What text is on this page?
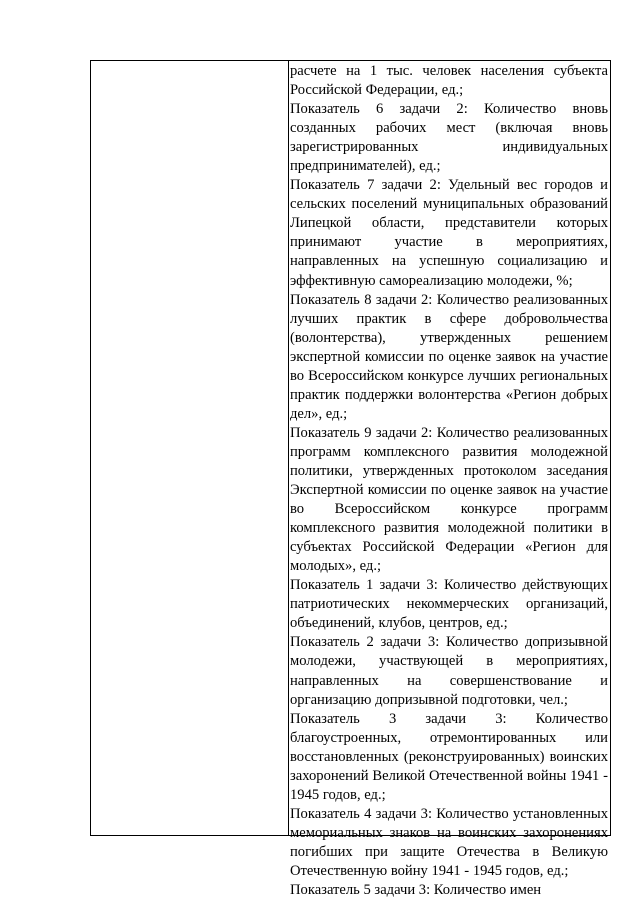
расчете на 1 тыс. человек населения субъекта Российской Федерации, ед.;

Показатель 6 задачи 2: Количество вновь созданных рабочих мест (включая вновь зарегистрированных индивидуальных предпринимателей), ед.;

Показатель 7 задачи 2: Удельный вес городов и сельских поселений муниципальных образований Липецкой области, представители которых принимают участие в мероприятиях, направленных на успешную социализацию и эффективную самореализацию молодежи, %;

Показатель 8 задачи 2: Количество реализованных лучших практик в сфере добровольчества (волонтерства), утвержденных решением экспертной комиссии по оценке заявок на участие во Всероссийском конкурсе лучших региональных практик поддержки волонтерства «Регион добрых дел», ед.;

Показатель 9 задачи 2: Количество реализованных программ комплексного развития молодежной политики, утвержденных протоколом заседания Экспертной комиссии по оценке заявок на участие во Всероссийском конкурсе программ комплексного развития молодежной политики в субъектах Российской Федерации «Регион для молодых», ед.;

Показатель 1 задачи 3: Количество действующих патриотических некоммерческих организаций, объединений, клубов, центров, ед.;

Показатель 2 задачи 3: Количество допризывной молодежи, участвующей в мероприятиях, направленных на совершенствование и организацию допризывной подготовки, чел.;

Показатель 3 задачи 3: Количество благоустроенных, отремонтированных или восстановленных (реконструированных) воинских захоронений Великой Отечественной войны 1941 - 1945 годов, ед.;

Показатель 4 задачи 3: Количество установленных мемориальных знаков на воинских захоронениях погибших при защите Отечества в Великую Отечественную войну 1941 - 1945 годов, ед.;

Показатель 5 задачи 3: Количество имен
